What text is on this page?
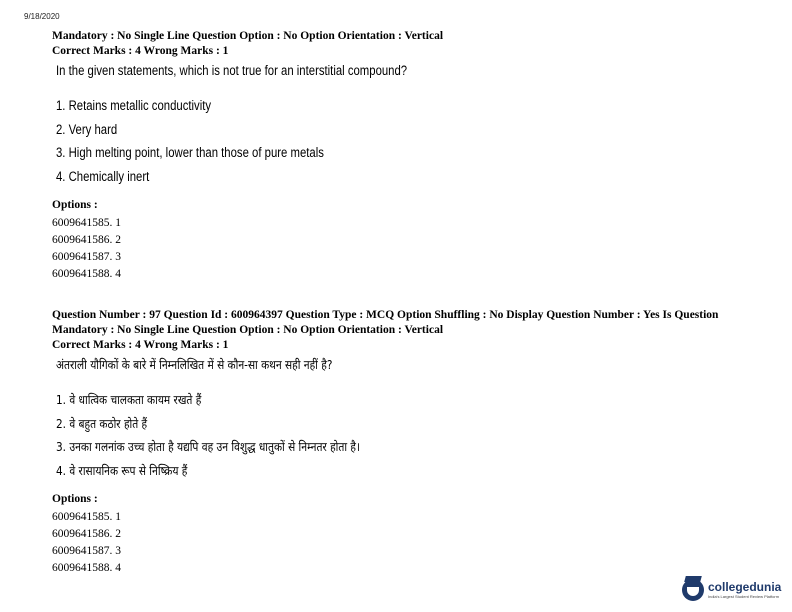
9/18/2020
Mandatory : No Single Line Question Option : No Option Orientation : Vertical
Correct Marks : 4 Wrong Marks : 1
In the given statements, which is not true for an interstitial compound?
1. Retains metallic conductivity
2. Very hard
3. High melting point, lower than those of pure metals
4. Chemically inert
Options :
6009641585. 1
6009641586. 2
6009641587. 3
6009641588. 4
Question Number : 97 Question Id : 600964397 Question Type : MCQ Option Shuffling : No Display Question Number : Yes Is Question
Mandatory : No Single Line Question Option : No Option Orientation : Vertical
Correct Marks : 4 Wrong Marks : 1
अंतराली यौगिकों के बारे में निम्नलिखित में से कौन-सा कथन सही नहीं है?
1. वे धात्विक चालकता कायम रखते हैं
2. वे बहुत कठोर होते हैं
3. उनका गलनांक उच्च होता है यद्यपि वह उन विशुद्ध धातुकों से निम्नतर होता है।
4. वे रासायनिक रूप से निष्क्रिय हैं
Options :
6009641585. 1
6009641586. 2
6009641587. 3
6009641588. 4
collegedunia
India's Largest Student Review Platform
